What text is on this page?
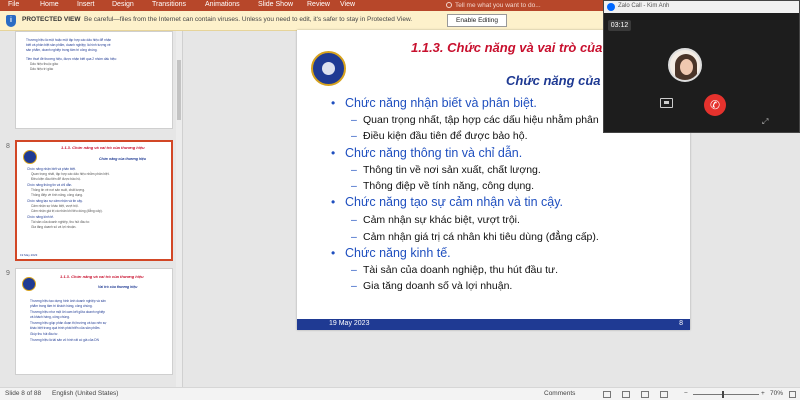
File	Home	Insert Design	Transitions	Animations	Slide Show Review View	Tell me what you want to do...
i	PROTECTED VIEW Be careful—files from the Internet can contain viruses. Unless you need to edit, it's safer to stay in Protected View.	Enable Editing
Thương hiệu là một hoặc một tập hợp các dấu hiệu để nhận
biết và phân biệt sản phẩm, doanh nghiệp; là hình tượng về
sản phẩm, doanh nghiệp trong tâm trí công chúng.
Tiền thuế đề thương hiệu, được nhận biết qua 2 nhóm dấu hiệu:
Dấu hiệu thuộc giác
Dấu hiệu trí giác
8	1.1.3. Chức năng và vai trò của thương hiệu
Chức năng của thương hiệu
Chức năng nhận biết và phân biệt.
Quan trọng nhất, tập hợp các dấu hiệu nhằm phân biệt.
Điều kiện đầu tiên để được bảo hộ.
Chức năng thông tin và chỉ dẫn.
Thông tin về nơi sản xuất, chất lượng.
Thông điệp về tính năng, công dụng.
Chức năng tạo sự cảm nhận và tin cậy.
Cảm nhận sự khác biệt, vượt trội.
Cảm nhận giá trị cá nhân khi tiêu dùng (đẳng cấp).
Chức năng kinh tế.
Tài sản của doanh nghiệp, thu hút đầu tư.
Gia tăng doanh số và lợi nhuận.
19 May 2023
9	1.1.3. Chức năng và vai trò của thương hiệu
Vai trò của thương hiệu
Thương hiệu tạo dựng hình ảnh doanh nghiệp và sản
phẩm trong tâm trí khách hàng, công chúng.
Thương hiệu như một lời cam kết giữa doanh nghiệp
và khách hàng, công chúng.
Thương hiệu giúp phân đoạn thị trường và tạo nên sự
khác biệt trong quá trình phát triển của sản phẩm.
Giúp thu hút đầu tư.
Thương hiệu là tài sản vô hình rất có giá của DN
1.1.3. Chức năng và vai trò của
Chức năng của
• Chức năng nhận biết và phân biệt.
– Quan trọng nhất, tập hợp các dấu hiệu nhằm phân
– Điều kiện đầu tiên để được bảo hộ.
• Chức năng thông tin và chỉ dẫn.
– Thông tin về nơi sản xuất, chất lượng.
– Thông điệp về tính năng, công dụng.
• Chức năng tạo sự cảm nhận và tin cậy.
– Cảm nhận sự khác biệt, vượt trội.
– Cảm nhận giá trị cá nhân khi tiêu dùng (đẳng cấp).
• Chức năng kinh tế.
– Tài sản của doanh nghiệp, thu hút đầu tư.
– Gia tăng doanh số và lợi nhuận.
19 May 2023	8
Zalo Call - Kim Anh
03:12
✆
⤢
Slide 8 of 88 English (United States)	Comments	−	+ 70%
